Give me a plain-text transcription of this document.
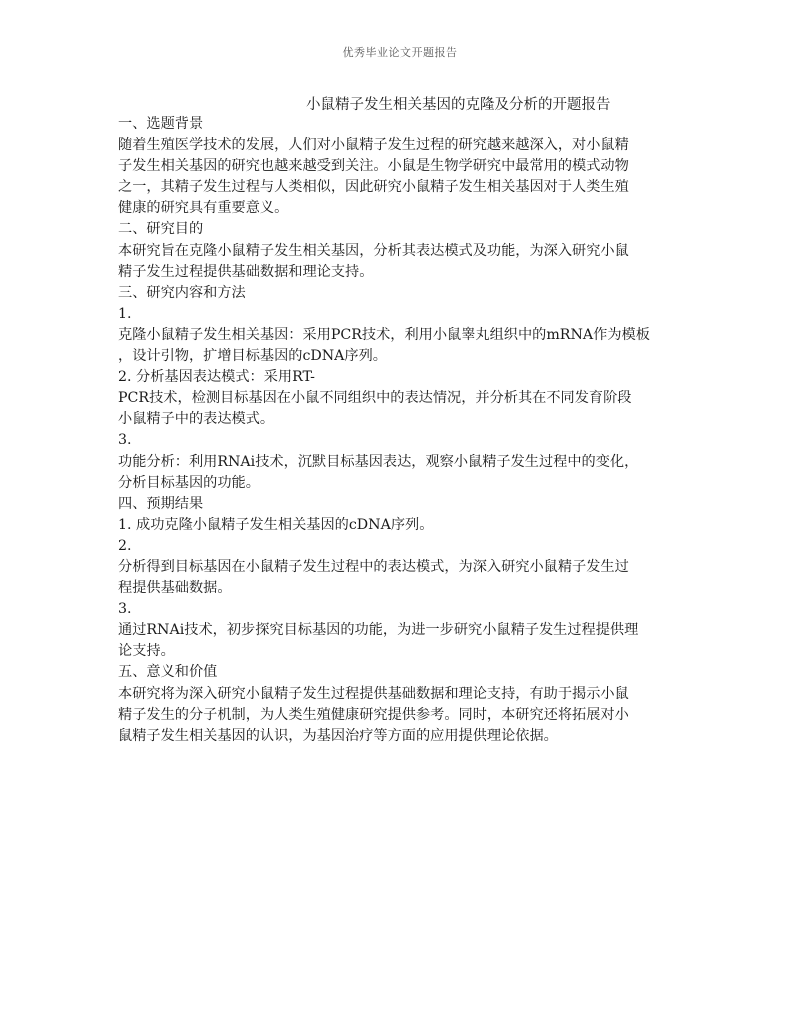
优秀毕业论文开题报告
小鼠精子发生相关基因的克隆及分析的开题报告
一、选题背景
随着生殖医学技术的发展，人们对小鼠精子发生过程的研究越来越深入，对小鼠精
子发生相关基因的研究也越来越受到关注。小鼠是生物学研究中最常用的模式动物
之一，其精子发生过程与人类相似，因此研究小鼠精子发生相关基因对于人类生殖
健康的研究具有重要意义。
二、研究目的
本研究旨在克隆小鼠精子发生相关基因，分析其表达模式及功能，为深入研究小鼠
精子发生过程提供基础数据和理论支持。
三、研究内容和方法
1.
克隆小鼠精子发生相关基因：采用PCR技术，利用小鼠睾丸组织中的mRNA作为模板
，设计引物，扩增目标基因的cDNA序列。
2. 分析基因表达模式：采用RT-
PCR技术，检测目标基因在小鼠不同组织中的表达情况，并分析其在不同发育阶段
小鼠精子中的表达模式。
3.
功能分析：利用RNAi技术，沉默目标基因表达，观察小鼠精子发生过程中的变化，
分析目标基因的功能。
四、预期结果
1. 成功克隆小鼠精子发生相关基因的cDNA序列。
2.
分析得到目标基因在小鼠精子发生过程中的表达模式，为深入研究小鼠精子发生过
程提供基础数据。
3.
通过RNAi技术，初步探究目标基因的功能，为进一步研究小鼠精子发生过程提供理
论支持。
五、意义和价值
本研究将为深入研究小鼠精子发生过程提供基础数据和理论支持，有助于揭示小鼠
精子发生的分子机制，为人类生殖健康研究提供参考。同时，本研究还将拓展对小
鼠精子发生相关基因的认识，为基因治疗等方面的应用提供理论依据。
